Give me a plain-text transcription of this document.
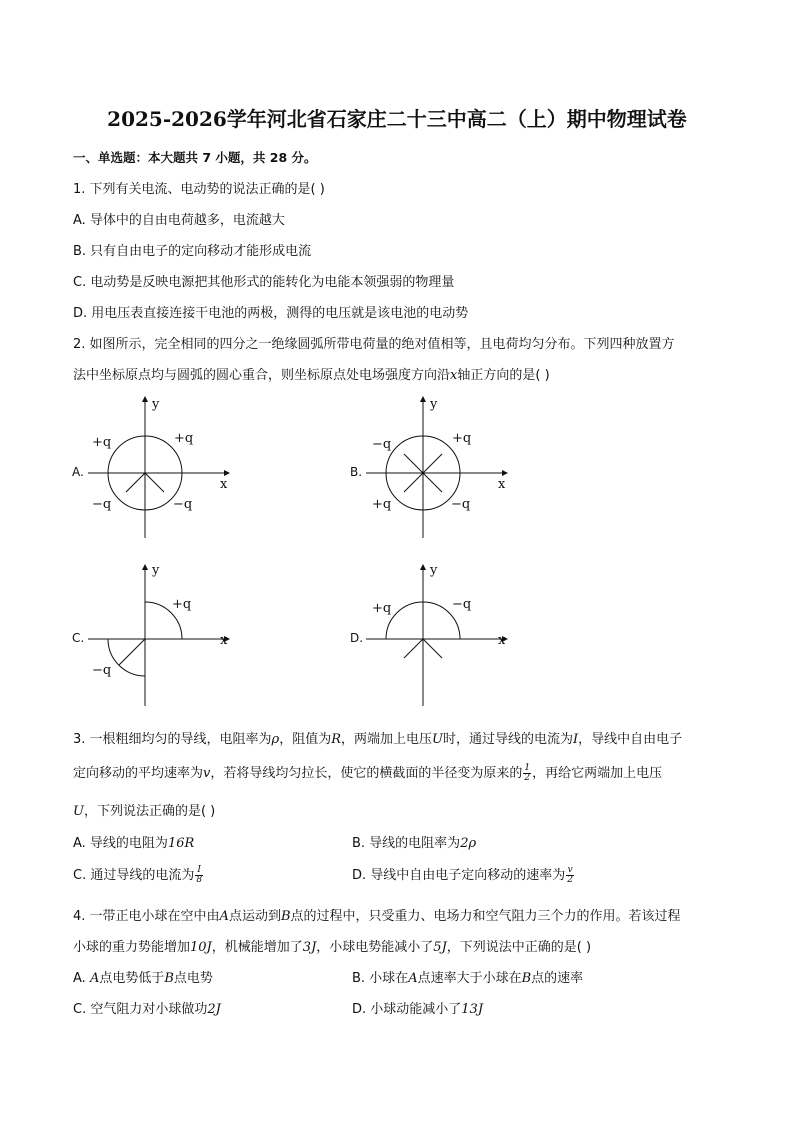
2025-2026学年河北省石家庄二十三中高二（上）期中物理试卷
一、单选题：本大题共 7 小题，共 28 分。
1. 下列有关电流、电动势的说法正确的是( )
A. 导体中的自由电荷越多，电流越大
B. 只有自由电子的定向移动才能形成电流
C. 电动势是反映电源把其他形式的能转化为电能本领强弱的物理量
D. 用电压表直接连接干电池的两极，测得的电压就是该电池的电动势
2. 如图所示，完全相同的四分之一绝缘圆弧所带电荷量的绝对值相等，且电荷均匀分布。下列四种放置方
法中坐标原点均与圆弧的圆心重合，则坐标原点处电场强度方向沿x轴正方向的是( )
y
x
A.
+q	+q
−q	−q
y
x
B.
−q	+q
+q	−q
y
x
C.
+q
−q
y
x
D.
+q	−q
3. 一根粗细均匀的导线，电阻率为ρ，阻值为R，两端加上电压U时，通过导线的电流为I，导线中自由电子
定向移动的平均速率为v，若将导线均匀拉长，使它的横截面的半径变为原来的 $\frac{1}{2}$ ，再给它两端加上电压
U，下列说法正确的是( )
A. 导线的电阻为16R	B. 导线的电阻率为2ρ
C. 通过导线的电流为 $\frac{I}{8}$	D. 导线中自由电子定向移动的速率为 $\frac{v}{2}$
4. 一带正电小球在空中由A点运动到B点的过程中，只受重力、电场力和空气阻力三个力的作用。若该过程
小球的重力势能增加10J，机械能增加了3J，小球电势能减小了5J，下列说法中正确的是( )
A. A点电势低于B点电势	B. 小球在A点速率大于小球在B点的速率
C. 空气阻力对小球做功2J	D. 小球动能减小了13J
